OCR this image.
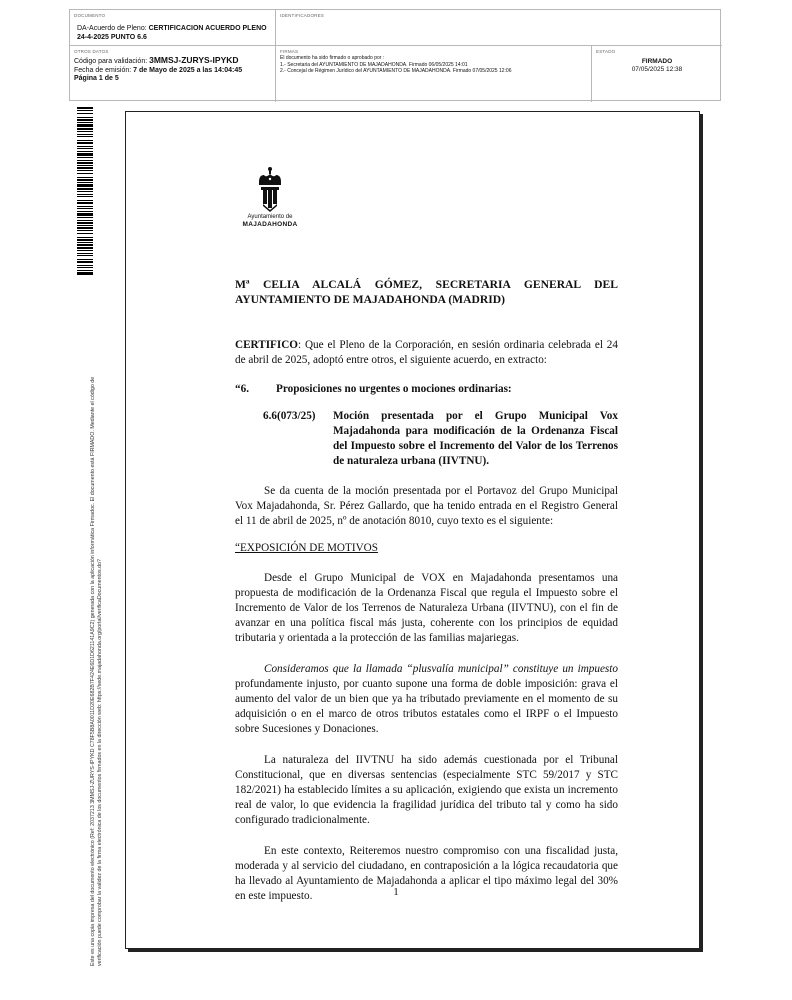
DOCUMENTO
DA-Acuerdo de Pleno: CERTIFICACION ACUERDO PLENO 24-4-2025 PUNTO 6.6
IDENTIFICADORES
OTROS DATOS
Código para validación: 3MMSJ-ZURYS-IPYKD
Fecha de emisión: 7 de Mayo de 2025 a las 14:04:45
Página 1 de 5
FIRMAS
El documento ha sido firmado o aprobado por :
1.- Secretaria del AYUNTAMIENTO DE MAJADAHONDA. Firmado 06/05/2025 14:01
2.- Concejal de Régimen Jurídico del AYUNTAMIENTO DE MAJADAHONDA. Firmado 07/05/2025 12:06
ESTADO
FIRMADO
07/05/2025 12:38
Este es una copia impresa del documento electrónico (Ref: 2037213 3MMSJ-ZURYS-IPYKD C78F5B8A0011D20E682B7F424E6D1D621141A9C2) generada con la aplicación informática Firmadoc. El documento está FIRMADO. Mediante el código de verificación puede comprobar la validez de la firma electrónica de los documentos firmados en la dirección web: https://sede.majadahonda.org/portal/verificaDocumentos.do?
Ayuntamiento de
MAJADAHONDA
Mª CELIA ALCALÁ GÓMEZ, SECRETARIA GENERAL DEL AYUNTAMIENTO DE MAJADAHONDA (MADRID)
CERTIFICO: Que el Pleno de la Corporación, en sesión ordinaria celebrada el 24 de abril de 2025, adoptó entre otros, el siguiente acuerdo, en extracto:
“6.	Proposiciones no urgentes o mociones ordinarias:
6.6(073/25)	Moción presentada por el Grupo Municipal Vox Majadahonda para modificación de la Ordenanza Fiscal del Impuesto sobre el Incremento del Valor de los Terrenos de naturaleza urbana (IIVTNU).
Se da cuenta de la moción presentada por el Portavoz del Grupo Municipal Vox Majadahonda, Sr. Pérez Gallardo, que ha tenido entrada en el Registro General el 11 de abril de 2025, nº de anotación 8010, cuyo texto es el siguiente:
“EXPOSICIÓN DE MOTIVOS
Desde el Grupo Municipal de VOX en Majadahonda presentamos una propuesta de modificación de la Ordenanza Fiscal que regula el Impuesto sobre el Incremento de Valor de los Terrenos de Naturaleza Urbana (IIVTNU), con el fin de avanzar en una política fiscal más justa, coherente con los principios de equidad tributaria y orientada a la protección de las familias majariegas.
Consideramos que la llamada “plusvalía municipal” constituye un impuesto profundamente injusto, por cuanto supone una forma de doble imposición: grava el aumento del valor de un bien que ya ha tributado previamente en el momento de su adquisición o en el marco de otros tributos estatales como el IRPF o el Impuesto sobre Sucesiones y Donaciones.
La naturaleza del IIVTNU ha sido además cuestionada por el Tribunal Constitucional, que en diversas sentencias (especialmente STC 59/2017 y STC 182/2021) ha establecido límites a su aplicación, exigiendo que exista un incremento real de valor, lo que evidencia la fragilidad jurídica del tributo tal y como ha sido configurado tradicionalmente.
En este contexto, Reiteremos nuestro compromiso con una fiscalidad justa, moderada y al servicio del ciudadano, en contraposición a la lógica recaudatoria que ha llevado al Ayuntamiento de Majadahonda a aplicar el tipo máximo legal del 30% en este impuesto.	1
